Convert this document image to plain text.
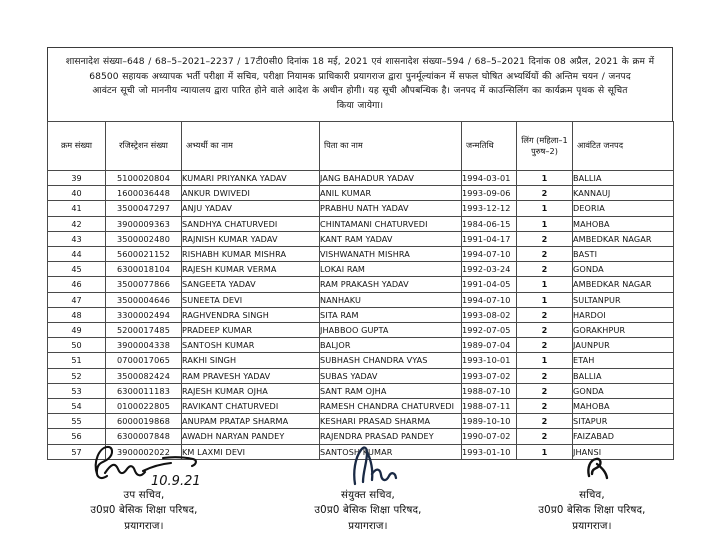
शासनादेश संख्या–648 / 68–5–2021–2237 / 17टी0सी0 दिनांक 18 मई, 2021 एवं शासनादेश संख्या–594 / 68–5–2021 दिनांक 08 अप्रैल, 2021 के क्रम में
68500 सहायक अध्यापक भर्ती परीक्षा में सचिव, परीक्षा नियामक प्राधिकारी प्रयागराज द्वारा पुनर्मूल्यांकन में सफल घोषित अभ्यर्थियों की अन्तिम चयन / जनपद
आवंटन सूची जो माननीय न्यायालय द्वारा पारित होने वाले आदेश के अधीन होगी। यह सूची औपबन्धिक है। जनपद में काउन्सिलिंग का कार्यक्रम पृथक से सूचित
किया जायेगा।
क्रम संख्या	रजिस्ट्रेशन संख्या	अभ्यर्थी का नाम	पिता का नाम	जन्मतिथि	लिंग (महिला–1 पुरुष–2)	आवंटित जनपद
39	5100020804	KUMARI PRIYANKA YADAV	JANG BAHADUR YADAV	1994-03-01	1	BALLIA
40	1600036448	ANKUR DWIVEDI	ANIL KUMAR	1993-09-06	2	KANNAUJ
41	3500047297	ANJU YADAV	PRABHU NATH YADAV	1993-12-12	1	DEORIA
42	3900009363	SANDHYA CHATURVEDI	CHINTAMANI CHATURVEDI	1984-06-15	1	MAHOBA
43	3500002480	RAJNISH KUMAR YADAV	KANT RAM YADAV	1991-04-17	2	AMBEDKAR NAGAR
44	5600021152	RISHABH KUMAR MISHRA	VISHWANATH MISHRA	1994-07-10	2	BASTI
45	6300018104	RAJESH KUMAR VERMA	LOKAI RAM	1992-03-24	2	GONDA
46	3500077866	SANGEETA YADAV	RAM PRAKASH YADAV	1991-04-05	1	AMBEDKAR NAGAR
47	3500004646	SUNEETA DEVI	NANHAKU	1994-07-10	1	SULTANPUR
48	3300002494	RAGHVENDRA SINGH	SITA RAM	1993-08-02	2	HARDOI
49	5200017485	PRADEEP KUMAR	JHABBOO GUPTA	1992-07-05	2	GORAKHPUR
50	3900004338	SANTOSH KUMAR	BALJOR	1989-07-04	2	JAUNPUR
51	0700017065	RAKHI SINGH	SUBHASH CHANDRA VYAS	1993-10-01	1	ETAH
52	3500082424	RAM PRAVESH YADAV	SUBAS YADAV	1993-07-02	2	BALLIA
53	6300011183	RAJESH KUMAR OJHA	SANT RAM OJHA	1988-07-10	2	GONDA
54	0100022805	RAVIKANT CHATURVEDI	RAMESH CHANDRA CHATURVEDI	1988-07-11	2	MAHOBA
55	6000019868	ANUPAM PRATAP SHARMA	KESHARI PRASAD SHARMA	1989-10-10	2	SITAPUR
56	6300007848	AWADH NARYAN PANDEY	RAJENDRA PRASAD PANDEY	1990-07-02	2	FAIZABAD
57	3900002022	KM LAXMI DEVI	SANTOSH KUMAR	1993-01-10	1	JHANSI
10.9.21
उप सचिव,
उ0प्र0 बेसिक शिक्षा परिषद,
प्रयागराज।
संयुक्त सचिव,
उ0प्र0 बेसिक शिक्षा परिषद,
प्रयागराज।
सचिव,
उ0प्र0 बेसिक शिक्षा परिषद,
प्रयागराज।
